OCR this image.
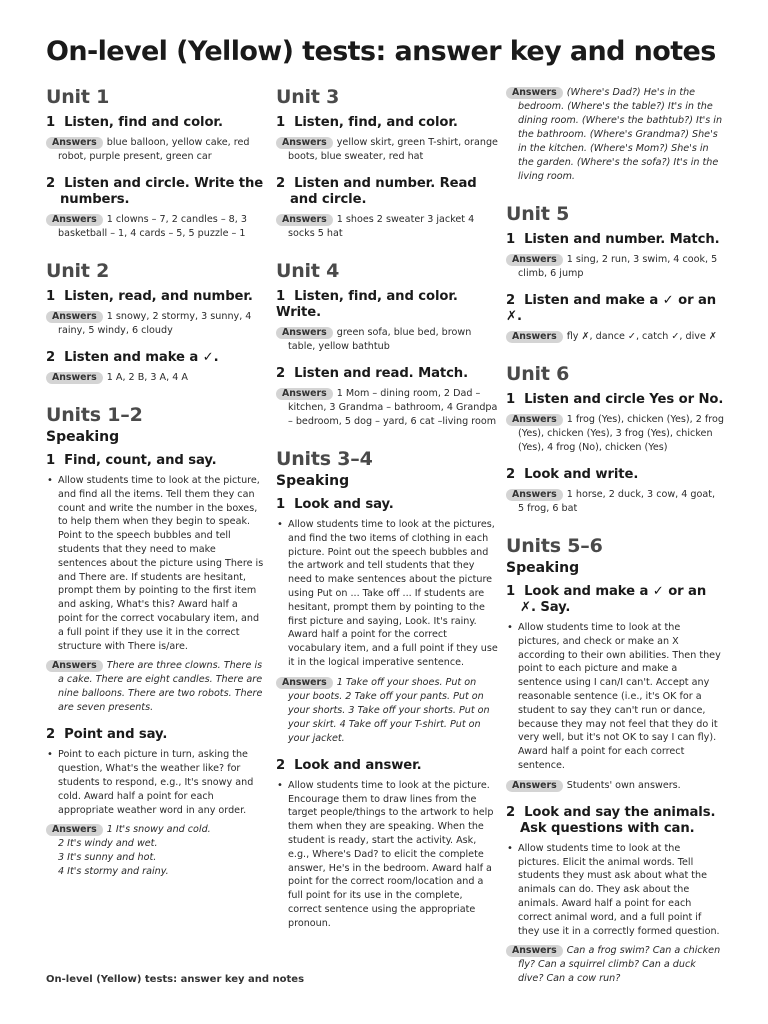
On-level (Yellow) tests: answer key and notes
Unit 1
1 Listen, find and color.
Answers blue balloon, yellow cake, red robot, purple present, green car
2 Listen and circle. Write the numbers.
Answers 1 clowns – 7, 2 candles – 8, 3 basketball – 1, 4 cards – 5, 5 puzzle – 1
Unit 2
1 Listen, read, and number.
Answers 1 snowy, 2 stormy, 3 sunny, 4 rainy, 5 windy, 6 cloudy
2 Listen and make a ✓.
Answers 1 A, 2 B, 3 A, 4 A
Units 1–2
Speaking
1 Find, count, and say.
• Allow students time to look at the picture, and find all the items. Tell them they can count and write the number in the boxes, to help them when they begin to speak. Point to the speech bubbles and tell students that they need to make sentences about the picture using There is and There are. If students are hesitant, prompt them by pointing to the first item and asking, What's this? Award half a point for the correct vocabulary item, and a full point if they use it in the correct structure with There is/are.
Answers There are three clowns. There is a cake. There are eight candles. There are nine balloons. There are two robots. There are seven presents.
2 Point and say.
• Point to each picture in turn, asking the question, What's the weather like? for students to respond, e.g., It's snowy and cold. Award half a point for each appropriate weather word in any order.
Answers 1 It's snowy and cold.
2 It's windy and wet.
3 It's sunny and hot.
4 It's stormy and rainy.
Unit 3
1 Listen, find, and color.
Answers yellow skirt, green T-shirt, orange boots, blue sweater, red hat
2 Listen and number. Read and circle.
Answers 1 shoes 2 sweater 3 jacket 4 socks 5 hat
Unit 4
1 Listen, find, and color. Write.
Answers green sofa, blue bed, brown table, yellow bathtub
2 Listen and read. Match.
Answers 1 Mom – dining room, 2 Dad – kitchen, 3 Grandma – bathroom, 4 Grandpa – bedroom, 5 dog – yard, 6 cat –living room
Units 3–4
Speaking
1 Look and say.
• Allow students time to look at the pictures, and find the two items of clothing in each picture. Point out the speech bubbles and the artwork and tell students that they need to make sentences about the picture using Put on ... Take off ... If students are hesitant, prompt them by pointing to the first picture and saying, Look. It's rainy. Award half a point for the correct vocabulary item, and a full point if they use it in the logical imperative sentence.
Answers 1 Take off your shoes. Put on your boots. 2 Take off your pants. Put on your shorts. 3 Take off your shorts. Put on your skirt. 4 Take off your T-shirt. Put on your jacket.
2 Look and answer.
• Allow students time to look at the picture. Encourage them to draw lines from the target people/things to the artwork to help them when they are speaking. When the student is ready, start the activity. Ask, e.g., Where's Dad? to elicit the complete answer, He's in the bedroom. Award half a point for the correct room/location and a full point for its use in the complete, correct sentence using the appropriate pronoun.
Answers (Where's Dad?) He's in the bedroom. (Where's the table?) It's in the dining room. (Where's the bathtub?) It's in the bathroom. (Where's Grandma?) She's in the kitchen. (Where's Mom?) She's in the garden. (Where's the sofa?) It's in the living room.
Unit 5
1 Listen and number. Match.
Answers 1 sing, 2 run, 3 swim, 4 cook, 5 climb, 6 jump
2 Listen and make a ✓ or an ✗.
Answers fly ✗, dance ✓, catch ✓, dive ✗
Unit 6
1 Listen and circle Yes or No.
Answers 1 frog (Yes), chicken (Yes), 2 frog (Yes), chicken (Yes), 3 frog (Yes), chicken (Yes), 4 frog (No), chicken (Yes)
2 Look and write.
Answers 1 horse, 2 duck, 3 cow, 4 goat, 5 frog, 6 bat
Units 5–6
Speaking
1 Look and make a ✓ or an ✗. Say.
• Allow students time to look at the pictures, and check or make an X according to their own abilities. Then they point to each picture and make a sentence using I can/I can't. Accept any reasonable sentence (i.e., it's OK for a student to say they can't run or dance, because they may not feel that they do it very well, but it's not OK to say I can fly). Award half a point for each correct sentence.
Answers Students' own answers.
2 Look and say the animals. Ask questions with can.
• Allow students time to look at the pictures. Elicit the animal words. Tell students they must ask about what the animals can do. They ask about the animals. Award half a point for each correct animal word, and a full point if they use it in a correctly formed question.
Answers Can a frog swim? Can a chicken fly? Can a squirrel climb? Can a duck dive? Can a cow run?
On-level (Yellow) tests: answer key and notes
